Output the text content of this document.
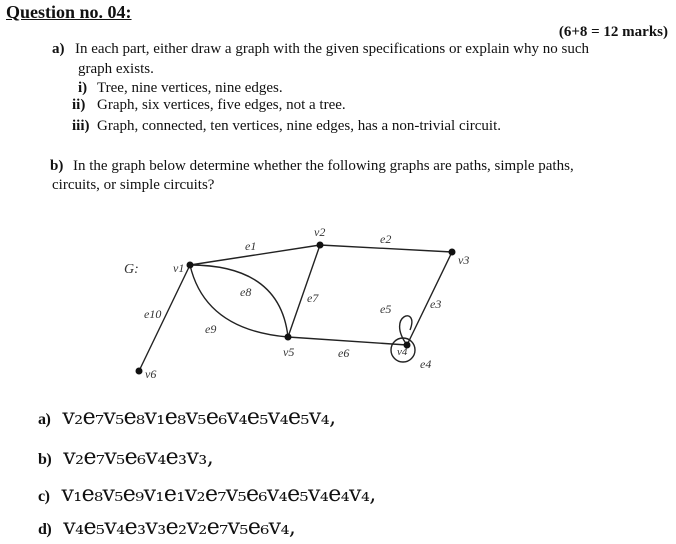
Question no. 04:
(6+8 = 12 marks)
a) In each part, either draw a graph with the given specifications or explain why no such
graph exists.
i) Tree, nine vertices, nine edges.
ii) Graph, six vertices, five edges, not a tree.
iii) Graph, connected, ten vertices, nine edges, has a non-trivial circuit.
b) In the graph below determine whether the following graphs are paths, simple paths,
circuits, or simple circuits?
G:	v1
v2
v3
v4
v5
v6
e1	e2
e3
e4
e5
e6
e7
e8
e9
e10
a) v₂e₇v₅e₈v₁e₈v₅e₆v₄e₅v₄e₅v₄,
b) v₂e₇v₅e₆v₄e₃v₃,
c) v₁e₈v₅e₉v₁e₁v₂e₇v₅e₆v₄e₅v₄e₄v₄,
d) v₄e₅v₄e₃v₃e₂v₂e₇v₅e₆v₄,
